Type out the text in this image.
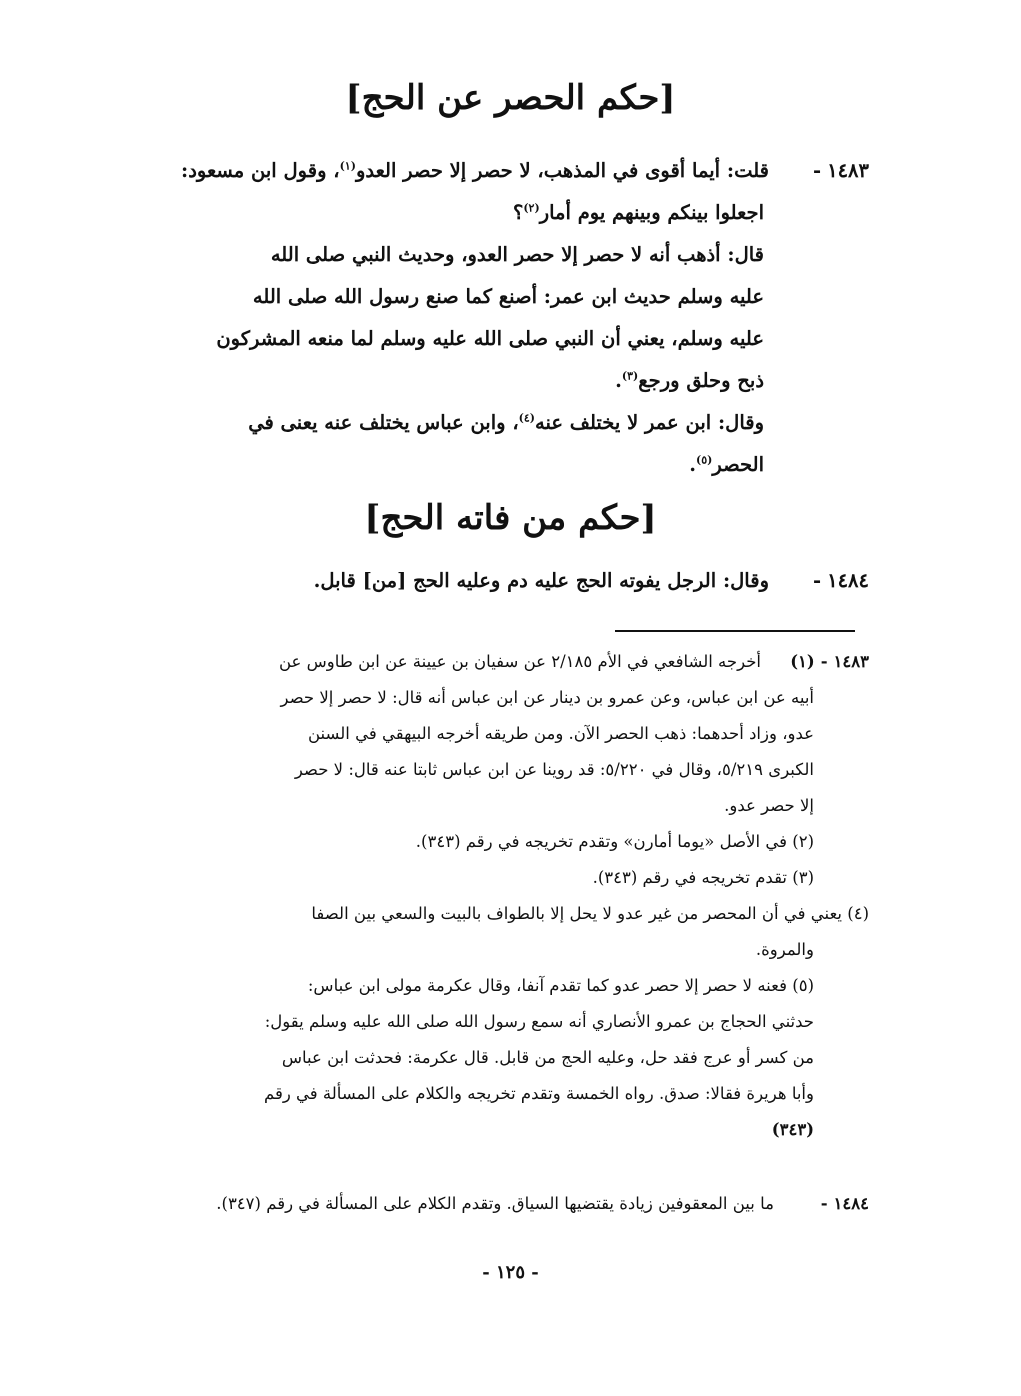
[حكم الحصر عن الحج]
١٤٨٣-
قلت: أيما أقوى في المذهب، لا حصر إلا حصر العدو$^{(١)}$، وقول ابن مسعود:
اجعلوا بينكم وبينهم يوم أمار$^{(٢)}$؟
قال: أذهب أنه لا حصر إلا حصر العدو، وحديث النبي صلى الله
عليه وسلم حديث ابن عمر: أصنع كما صنع رسول الله صلى الله
عليه وسلم، يعني أن النبي صلى الله عليه وسلم لما منعه المشركون
ذبح وحلق ورجع$^{(٣)}$.
وقال: ابن عمر لا يختلف عنه$^{(٤)}$، وابن عباس يختلف عنه يعنى في
الحصر$^{(٥)}$.
[حكم من فاته الحج]
١٤٨٤-
وقال: الرجل يفوته الحج عليه دم وعليه الحج [من] قابل.
١٤٨٣-(١)
أخرجه الشافعي في الأم ٢/١٨٥ عن سفيان بن عيينة عن ابن طاوس عن
أبيه عن ابن عباس، وعن عمرو بن دينار عن ابن عباس أنه قال: لا حصر إلا حصر
عدو، وزاد أحدهما: ذهب الحصر الآن. ومن طريقه أخرجه البيهقي في السنن
الكبرى ٥/٢١٩، وقال في ٥/٢٢٠: قد روينا عن ابن عباس ثابتا عنه قال: لا حصر
إلا حصر عدو.
(٢) في الأصل «يوما أمارن» وتقدم تخريجه في رقم (٣٤٣).
(٣) تقدم تخريجه في رقم (٣٤٣).
(٤) يعني في أن المحصر من غير عدو لا يحل إلا بالطواف بالبيت والسعي بين الصفا
والمروة.
(٥) فعنه لا حصر إلا حصر عدو كما تقدم آنفا، وقال عكرمة مولى ابن عباس:
حدثني الحجاج بن عمرو الأنصاري أنه سمع رسول الله صلى الله عليه وسلم يقول:
من كسر أو عرج فقد حل، وعليه الحج من قابل. قال عكرمة: فحدثت ابن عباس
وأبا هريرة فقالا: صدق. رواه الخمسة وتقدم تخريجه والكلام على المسألة في رقم
(٣٤٣)
١٤٨٤-
ما بين المعقوفين زيادة يقتضيها السياق. وتقدم الكلام على المسألة في رقم (٣٤٧).
- ١٢٥ -
